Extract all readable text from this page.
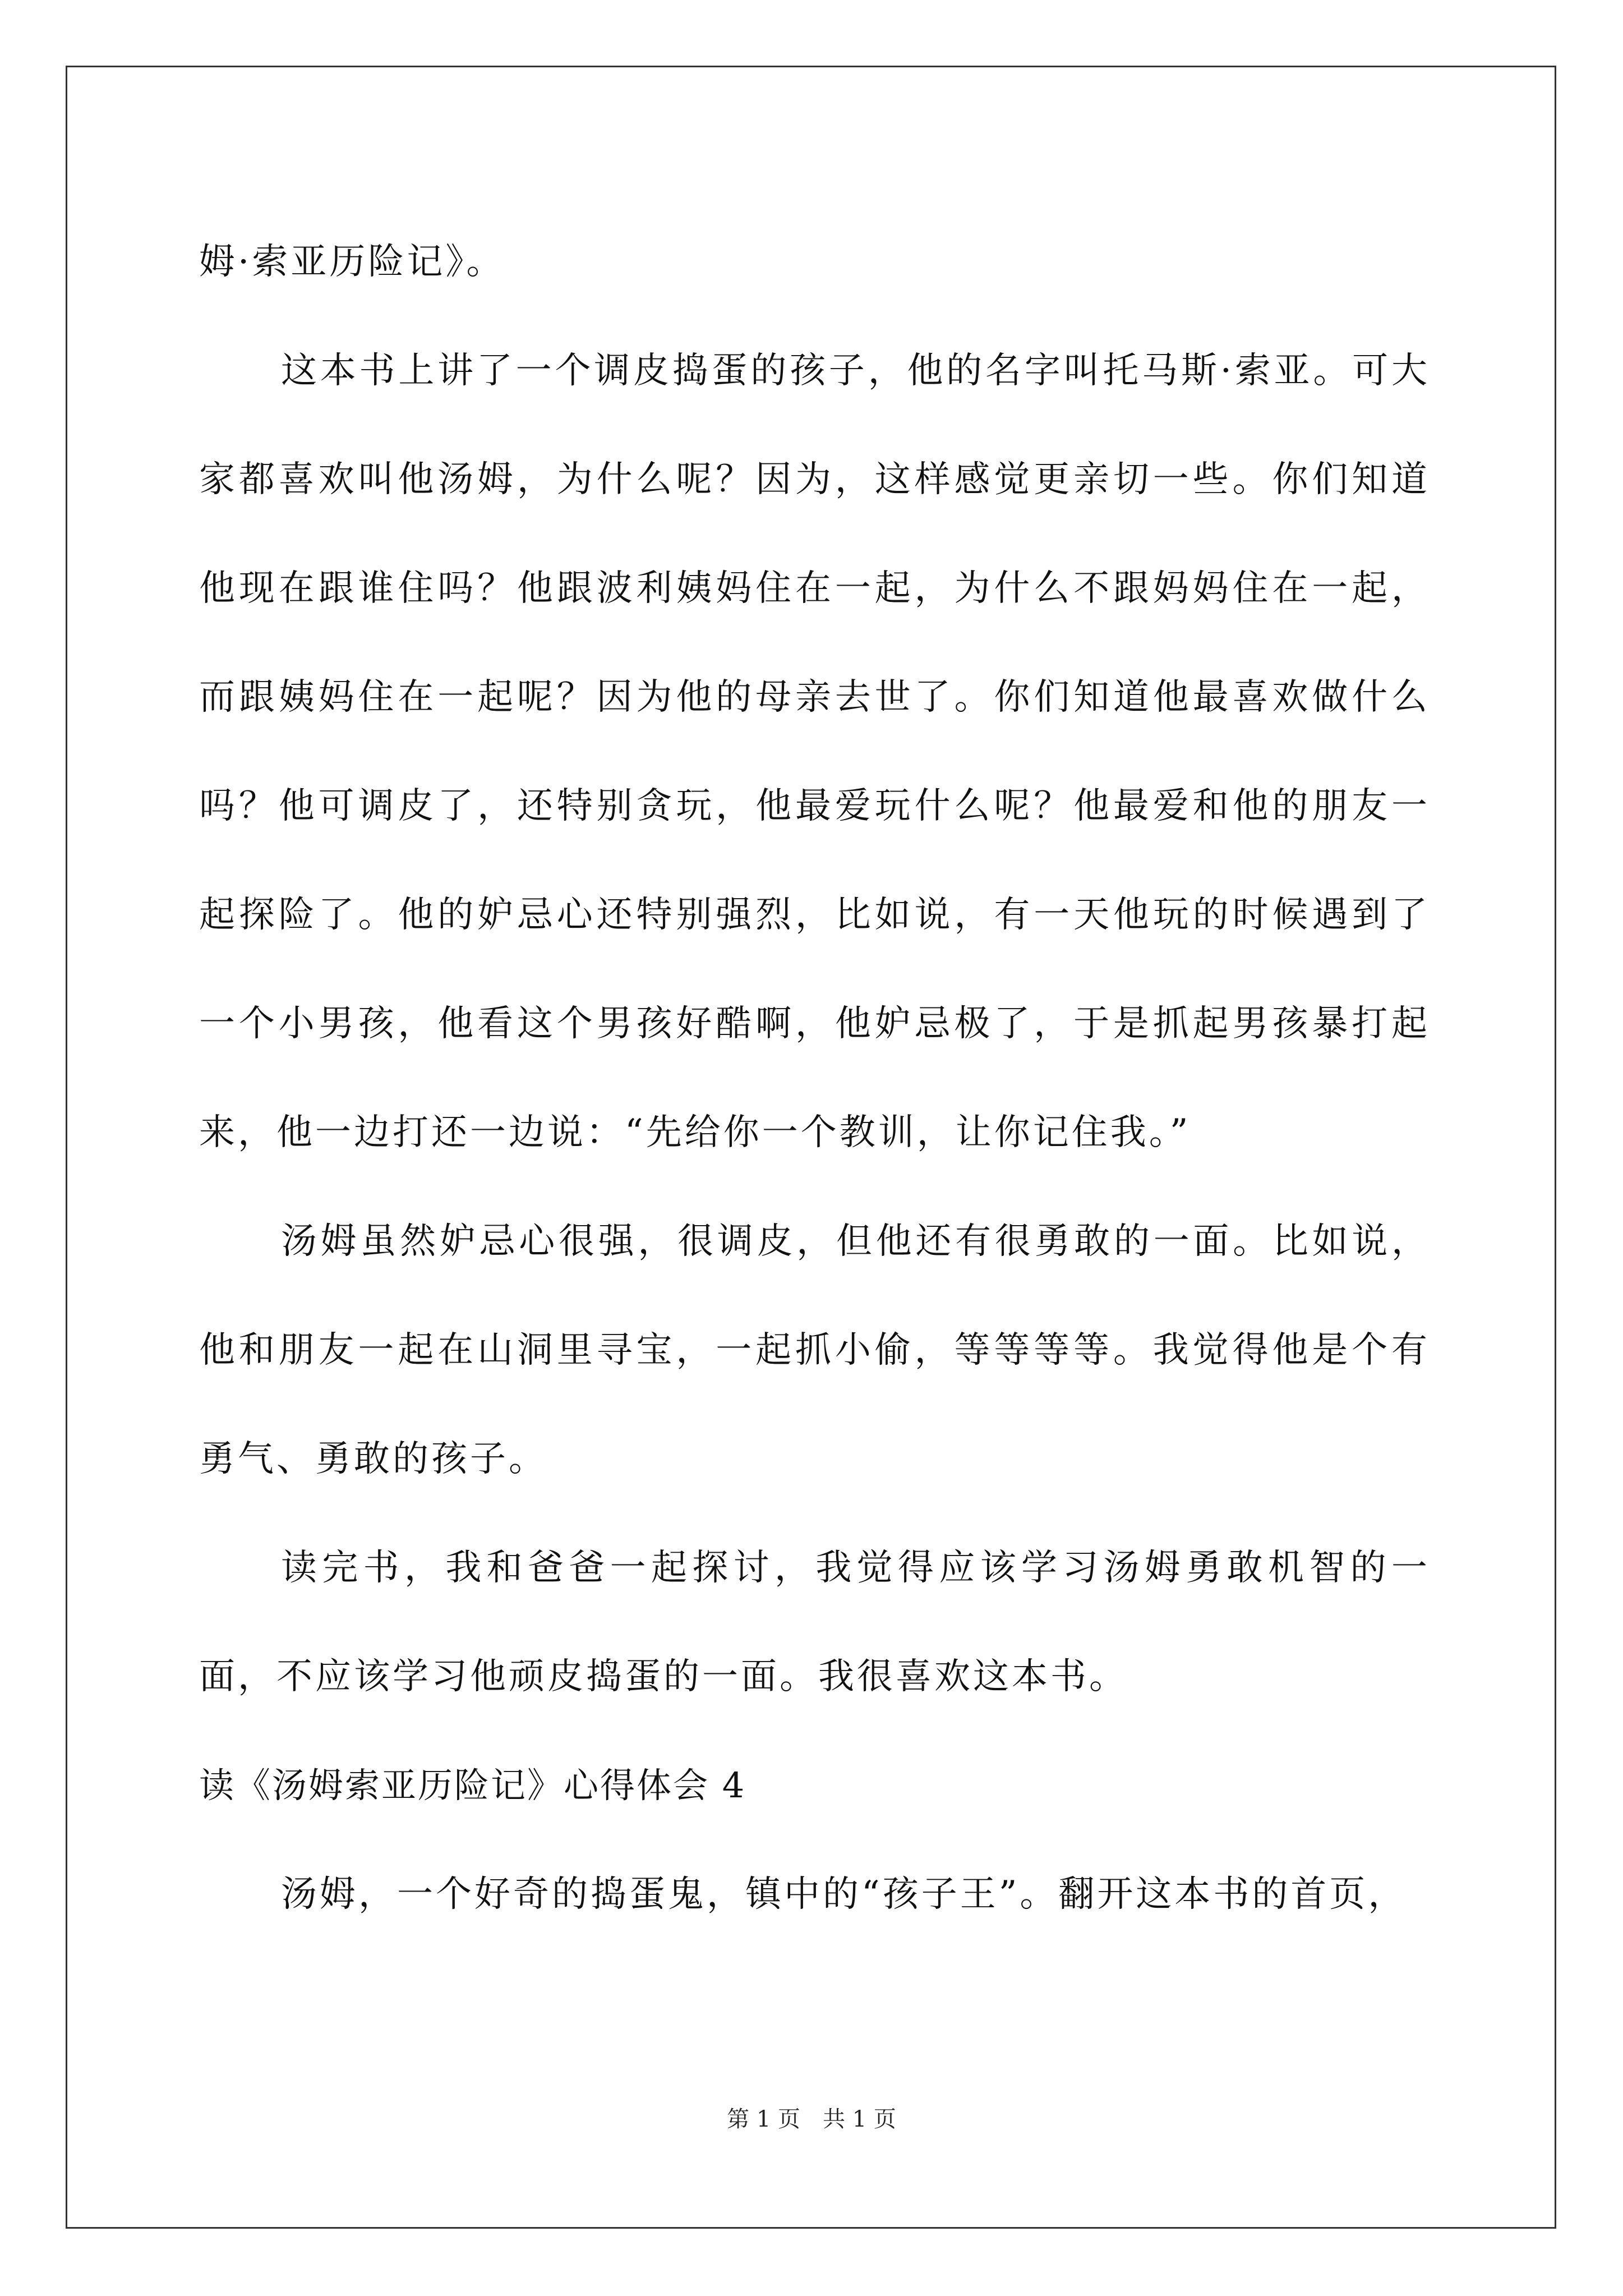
姆·索亚历险记》。

这本书上讲了一个调皮捣蛋的孩子，他的名字叫托马斯·索亚。可大家都喜欢叫他汤姆，为什么呢？因为，这样感觉更亲切一些。你们知道他现在跟谁住吗？他跟波利姨妈住在一起，为什么不跟妈妈住在一起，而跟姨妈住在一起呢？因为他的母亲去世了。你们知道他最喜欢做什么吗？他可调皮了，还特别贪玩，他最爱玩什么呢？他最爱和他的朋友一起探险了。他的妒忌心还特别强烈，比如说，有一天他玩的时候遇到了一个小男孩，他看这个男孩好酷啊，他妒忌极了，于是抓起男孩暴打起来，他一边打还一边说：“先给你一个教训，让你记住我。”

汤姆虽然妒忌心很强，很调皮，但他还有很勇敢的一面。比如说，他和朋友一起在山洞里寻宝，一起抓小偷，等等等等。我觉得他是个有勇气、勇敢的孩子。

读完书，我和爸爸一起探讨，我觉得应该学习汤姆勇敢机智的一面，不应该学习他顽皮捣蛋的一面。我很喜欢这本书。

读《汤姆索亚历险记》心得体会 4

汤姆，一个好奇的捣蛋鬼，镇中的“孩子王”。翻开这本书的首页，

第 1 页　共 1 页
